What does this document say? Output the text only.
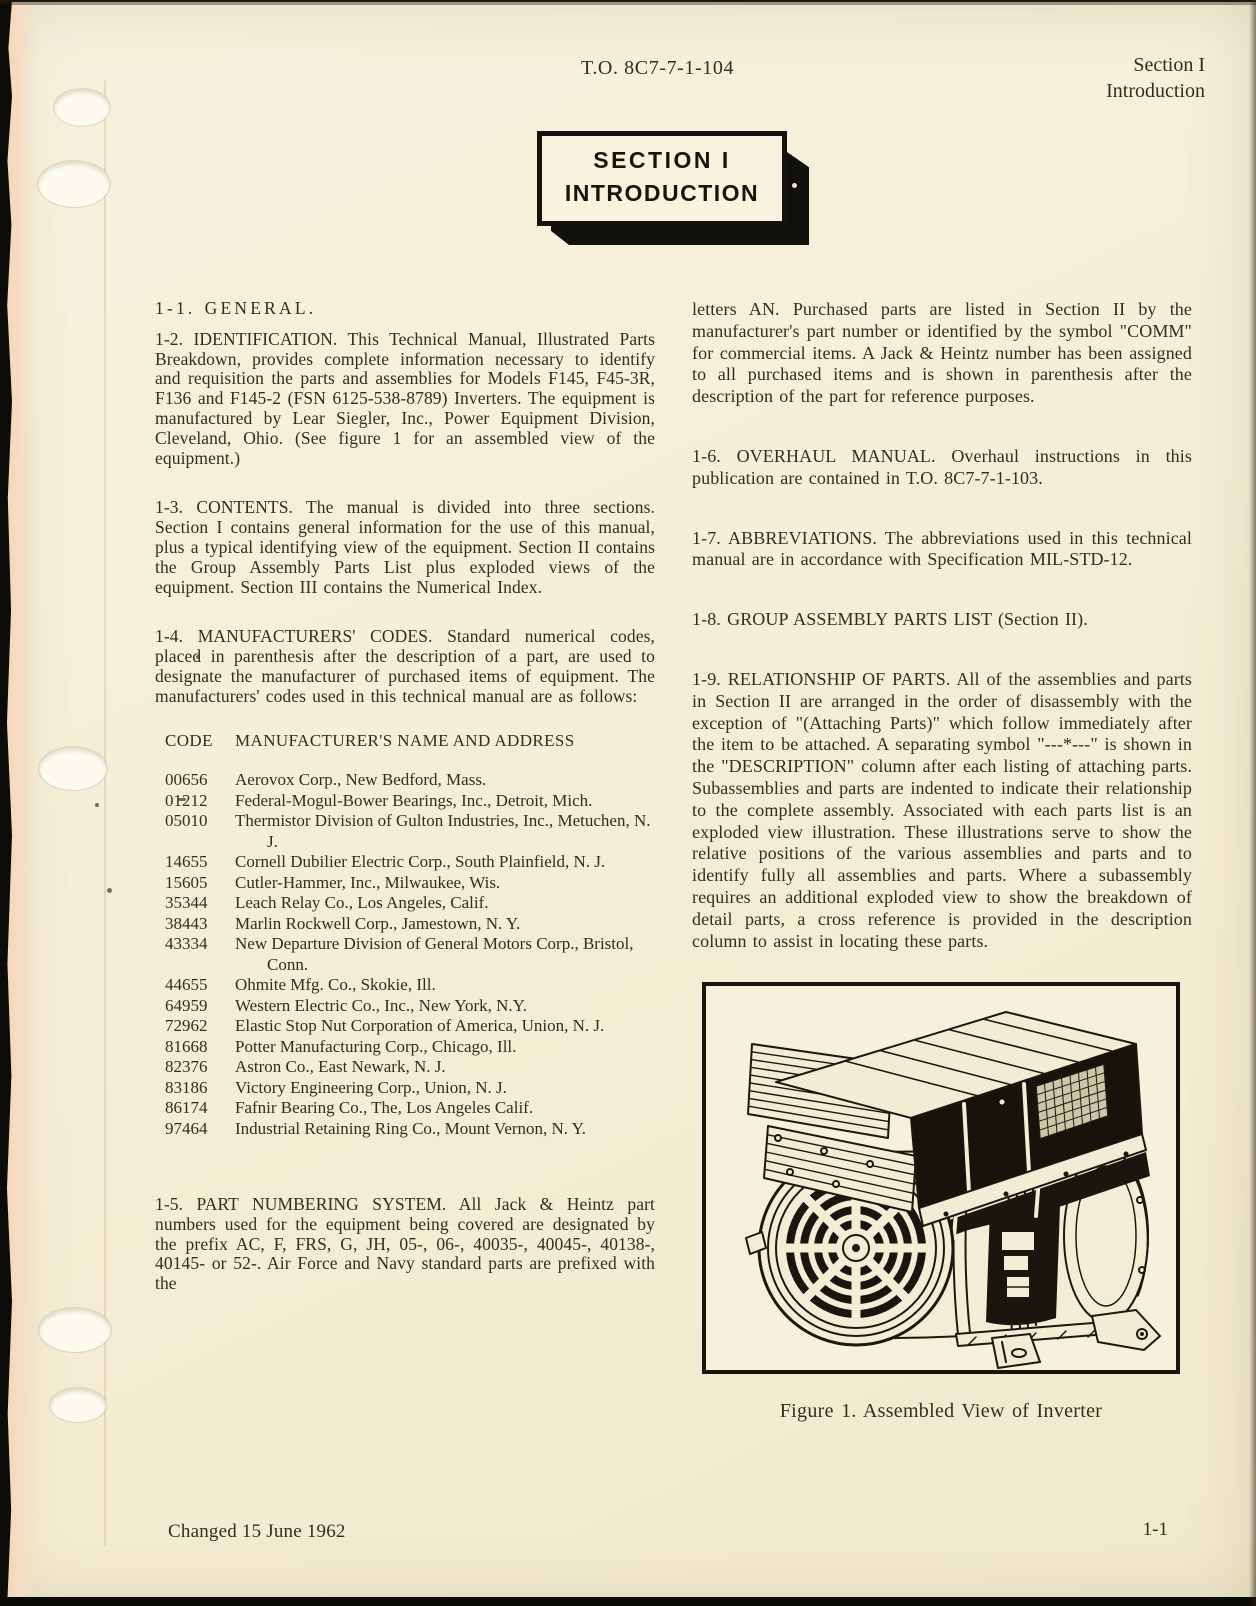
T.O. 8C7-7-1-104	Section I
Introduction
SECTION I
INTRODUCTION

1-1. GENERAL.

1-2. IDENTIFICATION. This Technical Manual, Illustrated Parts Breakdown, provides complete information necessary to identify and requisition the parts and assemblies for Models F145, F45-3R, F136 and F145-2 (FSN 6125-538-8789) Inverters. The equipment is manufactured by Lear Siegler, Inc., Power Equipment Division, Cleveland, Ohio. (See figure 1 for an assembled view of the equipment.)

1-3. CONTENTS. The manual is divided into three sections. Section I contains general information for the use of this manual, plus a typical identifying view of the equipment. Section II contains the Group Assembly Parts List plus exploded views of the equipment. Section III contains the Numerical Index.

1-4. MANUFACTURERS' CODES. Standard numerical codes, placed in parenthesis after the description of a part, are used to designate the manufacturer of purchased items of equipment. The manufacturers' codes used in this technical manual are as follows:

CODE	MANUFACTURER'S NAME AND ADDRESS
00656	Aerovox Corp., New Bedford, Mass.
01212	Federal-Mogul-Bower Bearings, Inc., Detroit, Mich.
05010	Thermistor Division of Gulton Industries, Inc., Metuchen, N. J.
14655	Cornell Dubilier Electric Corp., South Plainfield, N. J.
15605	Cutler-Hammer, Inc., Milwaukee, Wis.
35344	Leach Relay Co., Los Angeles, Calif.
38443	Marlin Rockwell Corp., Jamestown, N. Y.
43334	New Departure Division of General Motors Corp., Bristol, Conn.
44655	Ohmite Mfg. Co., Skokie, Ill.
64959	Western Electric Co., Inc., New York, N.Y.
72962	Elastic Stop Nut Corporation of America, Union, N. J.
81668	Potter Manufacturing Corp., Chicago, Ill.
82376	Astron Co., East Newark, N. J.
83186	Victory Engineering Corp., Union, N. J.
86174	Fafnir Bearing Co., The, Los Angeles Calif.
97464	Industrial Retaining Ring Co., Mount Vernon, N. Y.

1-5. PART NUMBERING SYSTEM. All Jack & Heintz part numbers used for the equipment being covered are designated by the prefix AC, F, FRS, G, JH, 05-, 06-, 40035-, 40045-, 40138-, 40145- or 52-. Air Force and Navy standard parts are prefixed with the

letters AN. Purchased parts are listed in Section II by the manufacturer's part number or identified by the symbol "COMM" for commercial items. A Jack & Heintz number has been assigned to all purchased items and is shown in parenthesis after the description of the part for reference purposes.

1-6. OVERHAUL MANUAL. Overhaul instructions in this publication are contained in T.O. 8C7-7-1-103.

1-7. ABBREVIATIONS. The abbreviations used in this technical manual are in accordance with Specification MIL-STD-12.

1-8. GROUP ASSEMBLY PARTS LIST (Section II).

1-9. RELATIONSHIP OF PARTS. All of the assemblies and parts in Section II are arranged in the order of disassembly with the exception of "(Attaching Parts)" which follow immediately after the item to be attached. A separating symbol "---*---" is shown in the "DESCRIPTION" column after each listing of attaching parts. Subassemblies and parts are indented to indicate their relationship to the complete assembly. Associated with each parts list is an exploded view illustration. These illustrations serve to show the relative positions of the various assemblies and parts and to identify fully all assemblies and parts. Where a subassembly requires an additional exploded view to show the breakdown of detail parts, a cross reference is provided in the description column to assist in locating these parts.

Figure 1. Assembled View of Inverter
Changed 15 June 1962	1-1
